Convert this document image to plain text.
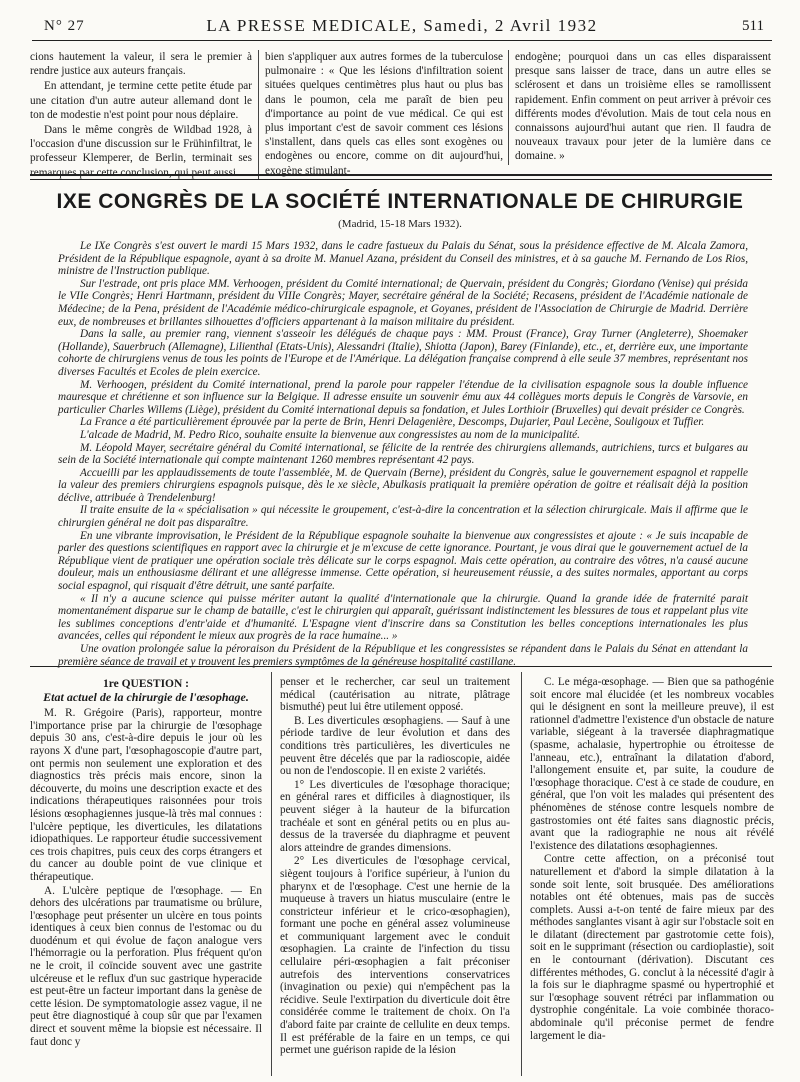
N° 27	LA PRESSE MEDICALE, Samedi, 2 Avril 1932	511

cions hautement la valeur, il sera le premier à rendre justice aux auteurs français.

En attendant, je termine cette petite étude par une citation d'un autre auteur allemand dont le ton de modestie n'est point pour nous déplaire.

Dans le même congrès de Wildbad 1928, à l'occasion d'une discussion sur le Frühinfiltrat, le professeur Klemperer, de Berlin, terminait ses remarques par cette conclusion, qui peut aussi

bien s'appliquer aux autres formes de la tuberculose pulmonaire : « Que les lésions d'infiltration soient situées quelques centimètres plus haut ou plus bas dans le poumon, cela me paraît de bien peu d'importance au point de vue médical. Ce qui est plus important c'est de savoir comment ces lésions s'installent, dans quels cas elles sont exogènes ou endogènes ou encore, comme on dit aujourd'hui, exogène stimulant-

endogène; pourquoi dans un cas elles disparaissent presque sans laisser de trace, dans un autre elles se sclérosent et dans un troisième elles se ramollissent rapidement. Enfin comment on peut arriver à prévoir ces différents modes d'évolution. Mais de tout cela nous en connaissons aujourd'hui autant que rien. Il faudra de nouveaux travaux pour jeter de la lumière dans ce domaine. »

IXE CONGRÈS DE LA SOCIÉTÉ INTERNATIONALE DE CHIRURGIE
(Madrid, 15-18 Mars 1932).

Le IXe Congrès s'est ouvert le mardi 15 Mars 1932, dans le cadre fastueux du Palais du Sénat, sous la présidence effective de M. Alcala Zamora, Président de la République espagnole, ayant à sa droite M. Manuel Azana, président du Conseil des ministres, et à sa gauche M. Fernando de Los Rios, ministre de l'Instruction publique.

Sur l'estrade, ont pris place MM. Verhoogen, président du Comité international; de Quervain, président du Congrès; Giordano (Venise) qui présida le VIIe Congrès; Henri Hartmann, président du VIIIe Congrès; Mayer, secrétaire général de la Société; Recasens, président de l'Académie nationale de Médecine; de la Pena, président de l'Académie médico-chirurgicale espagnole, et Goyanes, président de l'Association de Chirurgie de Madrid. Derrière eux, de nombreuses et brillantes silhouettes d'officiers appartenant à la maison militaire du président.

Dans la salle, au premier rang, viennent s'asseoir les délégués de chaque pays : MM. Proust (France), Gray Turner (Angleterre), Shoemaker (Hollande), Sauerbruch (Allemagne), Lilienthal (Etats-Unis), Alessandri (Italie), Shiotta (Japon), Barey (Finlande), etc., et, derrière eux, une importante cohorte de chirurgiens venus de tous les points de l'Europe et de l'Amérique. La délégation française comprend à elle seule 37 membres, représentant nos diverses Facultés et Ecoles de plein exercice.

M. Verhoogen, président du Comité international, prend la parole pour rappeler l'étendue de la civilisation espagnole sous la double influence mauresque et chrétienne et son influence sur la Belgique. Il adresse ensuite un souvenir ému aux 44 collègues morts depuis le Congrès de Varsovie, en particulier Charles Willems (Liège), président du Comité international depuis sa fondation, et Jules Lorthioir (Bruxelles) qui devait présider ce Congrès.

La France a été particulièrement éprouvée par la perte de Brin, Henri Delagenière, Descomps, Dujarier, Paul Lecène, Souligoux et Tuffier.

L'alcade de Madrid, M. Pedro Rico, souhaite ensuite la bienvenue aux congressistes au nom de la municipalité.

M. Léopold Mayer, secrétaire général du Comité international, se félicite de la rentrée des chirurgiens allemands, autrichiens, turcs et bulgares au sein de la Société internationale qui compte maintenant 1260 membres représentant 42 pays.

Accueilli par les applaudissements de toute l'assemblée, M. de Quervain (Berne), président du Congrès, salue le gouvernement espagnol et rappelle la valeur des premiers chirurgiens espagnols puisque, dès le xe siècle, Abulkasis pratiquait la première opération de goitre et réalisait déjà la position déclive, attribuée à Trendelenburg!

Il traite ensuite de la « spécialisation » qui nécessite le groupement, c'est-à-dire la concentration et la sélection chirurgicale. Mais il affirme que le chirurgien général ne doit pas disparaître.

En une vibrante improvisation, le Président de la République espagnole souhaite la bienvenue aux congressistes et ajoute : « Je suis incapable de parler des questions scientifiques en rapport avec la chirurgie et je m'excuse de cette ignorance. Pourtant, je vous dirai que le gouvernement actuel de la République vient de pratiquer une opération sociale très délicate sur le corps espagnol. Mais cette opération, au contraire des vôtres, n'a causé aucune douleur, mais un enthousiasme délirant et une allégresse immense. Cette opération, si heureusement réussie, a des suites normales, apportant au corps social espagnol, qui risquait d'être détruit, une santé parfaite.

« Il n'y a aucune science qui puisse mériter autant la qualité d'internationale que la chirurgie. Quand la grande idée de fraternité parait momentanément disparue sur le champ de bataille, c'est le chirurgien qui apparaît, guérissant indistinctement les blessures de tous et rappelant plus vite les sublimes conceptions d'entr'aide et d'humanité. L'Espagne vient d'inscrire dans sa Constitution les belles conceptions internationales les plus avancées, celles qui répondent le mieux aux progrès de la race humaine... »

Une ovation prolongée salue la péroraison du Président de la République et les congressistes se répandent dans le Palais du Sénat en attendant la première séance de travail et y trouvent les premiers symptômes de la généreuse hospitalité castillane.

1re QUESTION :
Etat actuel de la chirurgie de l'œsophage.

M. R. Grégoire (Paris), rapporteur, montre l'importance prise par la chirurgie de l'œsophage depuis 30 ans, c'est-à-dire depuis le jour où les rayons X d'une part, l'œsophagoscopie d'autre part, ont permis non seulement une exploration et des diagnostics très précis mais encore, sinon la découverte, du moins une description exacte et des indications thérapeutiques raisonnées pour trois lésions œsophagiennes jusque-là très mal connues : l'ulcère peptique, les diverticules, les dilatations idiopathiques. Le rapporteur étudie successivement ces trois chapitres, puis ceux des corps étrangers et du cancer au double point de vue clinique et thérapeutique.

A. L'ulcère peptique de l'œsophage. — En dehors des ulcérations par traumatisme ou brûlure, l'œsophage peut présenter un ulcère en tous points identiques à ceux bien connus de l'estomac ou du duodénum et qui évolue de façon analogue vers l'hémorragie ou la perforation. Plus fréquent qu'on ne le croit, il coïncide souvent avec une gastrite ulcéreuse et le reflux d'un suc gastrique hyperacide est peut-être un facteur important dans la genèse de cette lésion. De symptomatologie assez vague, il ne peut être diagnostiqué à coup sûr que par l'examen direct et souvent même la biopsie est nécessaire. Il faut donc y

penser et le rechercher, car seul un traitement médical (cautérisation au nitrate, plâtrage bismuthé) peut lui être utilement opposé.

B. Les diverticules œsophagiens. — Sauf à une période tardive de leur évolution et dans des conditions très particulières, les diverticules ne peuvent être décelés que par la radioscopie, aidée ou non de l'endoscopie. Il en existe 2 variétés.

1° Les diverticules de l'œsophage thoracique; en général rares et difficiles à diagnostiquer, ils peuvent siéger à la hauteur de la bifurcation trachéale et sont en général petits ou en plus au-dessus de la traversée du diaphragme et peuvent alors atteindre de grandes dimensions.

2° Les diverticules de l'œsophage cervical, siègent toujours à l'orifice supérieur, à l'union du pharynx et de l'œsophage. C'est une hernie de la muqueuse à travers un hiatus musculaire (entre le constricteur inférieur et le crico-œsophagien), formant une poche en général assez volumineuse et communiquant largement avec le conduit œsophagien. La crainte de l'infection du tissu cellulaire péri-œsophagien a fait préconiser autrefois des interventions conservatrices (invagination ou pexie) qui n'empêchent pas la récidive. Seule l'extirpation du diverticule doit être considérée comme le traitement de choix. On l'a d'abord faite par crainte de cellulite en deux temps. Il est préférable de la faire en un temps, ce qui permet une guérison rapide de la lésion

C. Le méga-œsophage. — Bien que sa pathogénie soit encore mal élucidée (et les nombreux vocables qui le désignent en sont la meilleure preuve), il est rationnel d'admettre l'existence d'un obstacle de nature variable, siégeant à la traversée diaphragmatique (spasme, achalasie, hypertrophie ou étroitesse de l'anneau, etc.), entraînant la dilatation d'abord, l'allongement ensuite et, par suite, la coudure de l'œsophage thoracique. C'est à ce stade de coudure, en général, que l'on voit les malades qui présentent des phénomènes de sténose contre lesquels nombre de gastrostomies ont été faites sans diagnostic précis, avant que la radiographie ne nous ait révélé l'existence des dilatations œsophagiennes.

Contre cette affection, on a préconisé tout naturellement et d'abord la simple dilatation à la sonde soit lente, soit brusquée. Des améliorations notables ont été obtenues, mais pas de succès complets. Aussi a-t-on tenté de faire mieux par des méthodes sanglantes visant à agir sur l'obstacle soit en le dilatant (directement par gastrotomie cette fois), soit en le supprimant (résection ou cardioplastie), soit en le contournant (dérivation). Discutant ces différentes méthodes, G. conclut à la nécessité d'agir à la fois sur le diaphragme spasmé ou hypertrophié et sur l'œsophage souvent rétréci par inflammation ou dystrophie congénitale. La voie combinée thoraco-abdominale qu'il préconise permet de fendre largement le dia-
